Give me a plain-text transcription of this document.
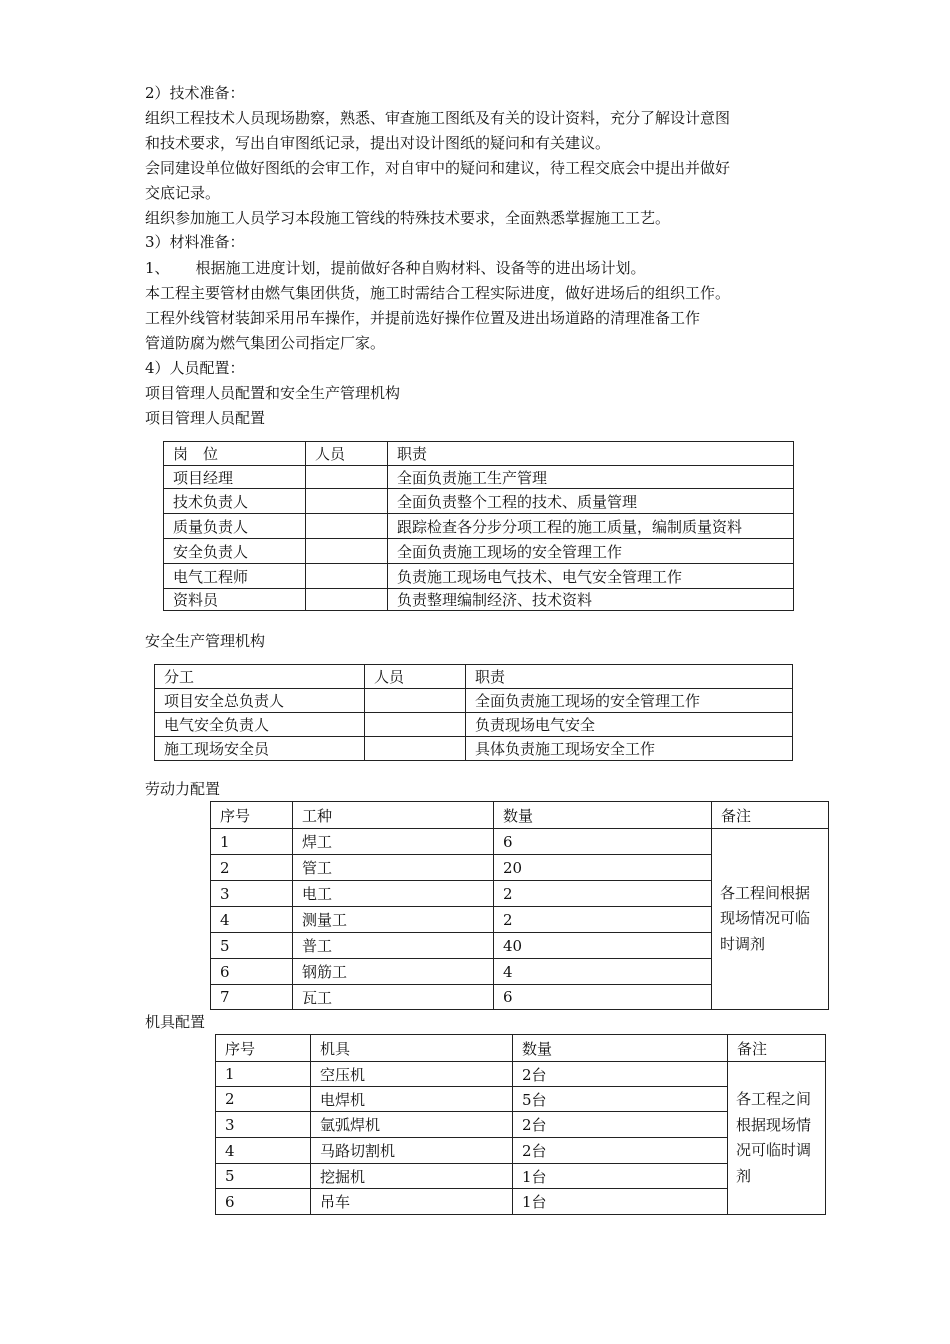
2）技术准备：
组织工程技术人员现场勘察，熟悉、审查施工图纸及有关的设计资料，充分了解设计意图
和技术要求，写出自审图纸记录，提出对设计图纸的疑问和有关建议。
会同建设单位做好图纸的会审工作，对自审中的疑问和建议，待工程交底会中提出并做好
交底记录。
组织参加施工人员学习本段施工管线的特殊技术要求，全面熟悉掌握施工工艺。
3）材料准备：
1、 根据施工进度计划，提前做好各种自购材料、设备等的进出场计划。
本工程主要管材由燃气集团供货，施工时需结合工程实际进度，做好进场后的组织工作。
工程外线管材装卸采用吊车操作，并提前选好操作位置及进出场道路的清理准备工作
管道防腐为燃气集团公司指定厂家。
4）人员配置：
项目管理人员配置和安全生产管理机构
项目管理人员配置
岗　位	人员	职责
项目经理		全面负责施工生产管理
技术负责人		全面负责整个工程的技术、质量管理
质量负责人		跟踪检查各分步分项工程的施工质量，编制质量资料
安全负责人		全面负责施工现场的安全管理工作
电气工程师		负责施工现场电气技术、电气安全管理工作
资料员		负责整理编制经济、技术资料
安全生产管理机构
分工	人员	职责
项目安全总负责人		全面负责施工现场的安全管理工作
电气安全负责人		负责现场电气安全
施工现场安全员		具体负责施工现场安全工作
劳动力配置
序号	工种	数量	备注
1	焊工	6	各工程间根据现场情况可临时调剂
2	管工	20	
3	电工	2	
4	测量工	2	
5	普工	40	
6	钢筋工	4	
7	瓦工	6	
机具配置
序号	机具	数量	备注
1	空压机	2台	各工程之间根据现场情况可临时调剂
2	电焊机	5台	
3	氩弧焊机	2台	
4	马路切割机	2台	
5	挖掘机	1台	
6	吊车	1台	
